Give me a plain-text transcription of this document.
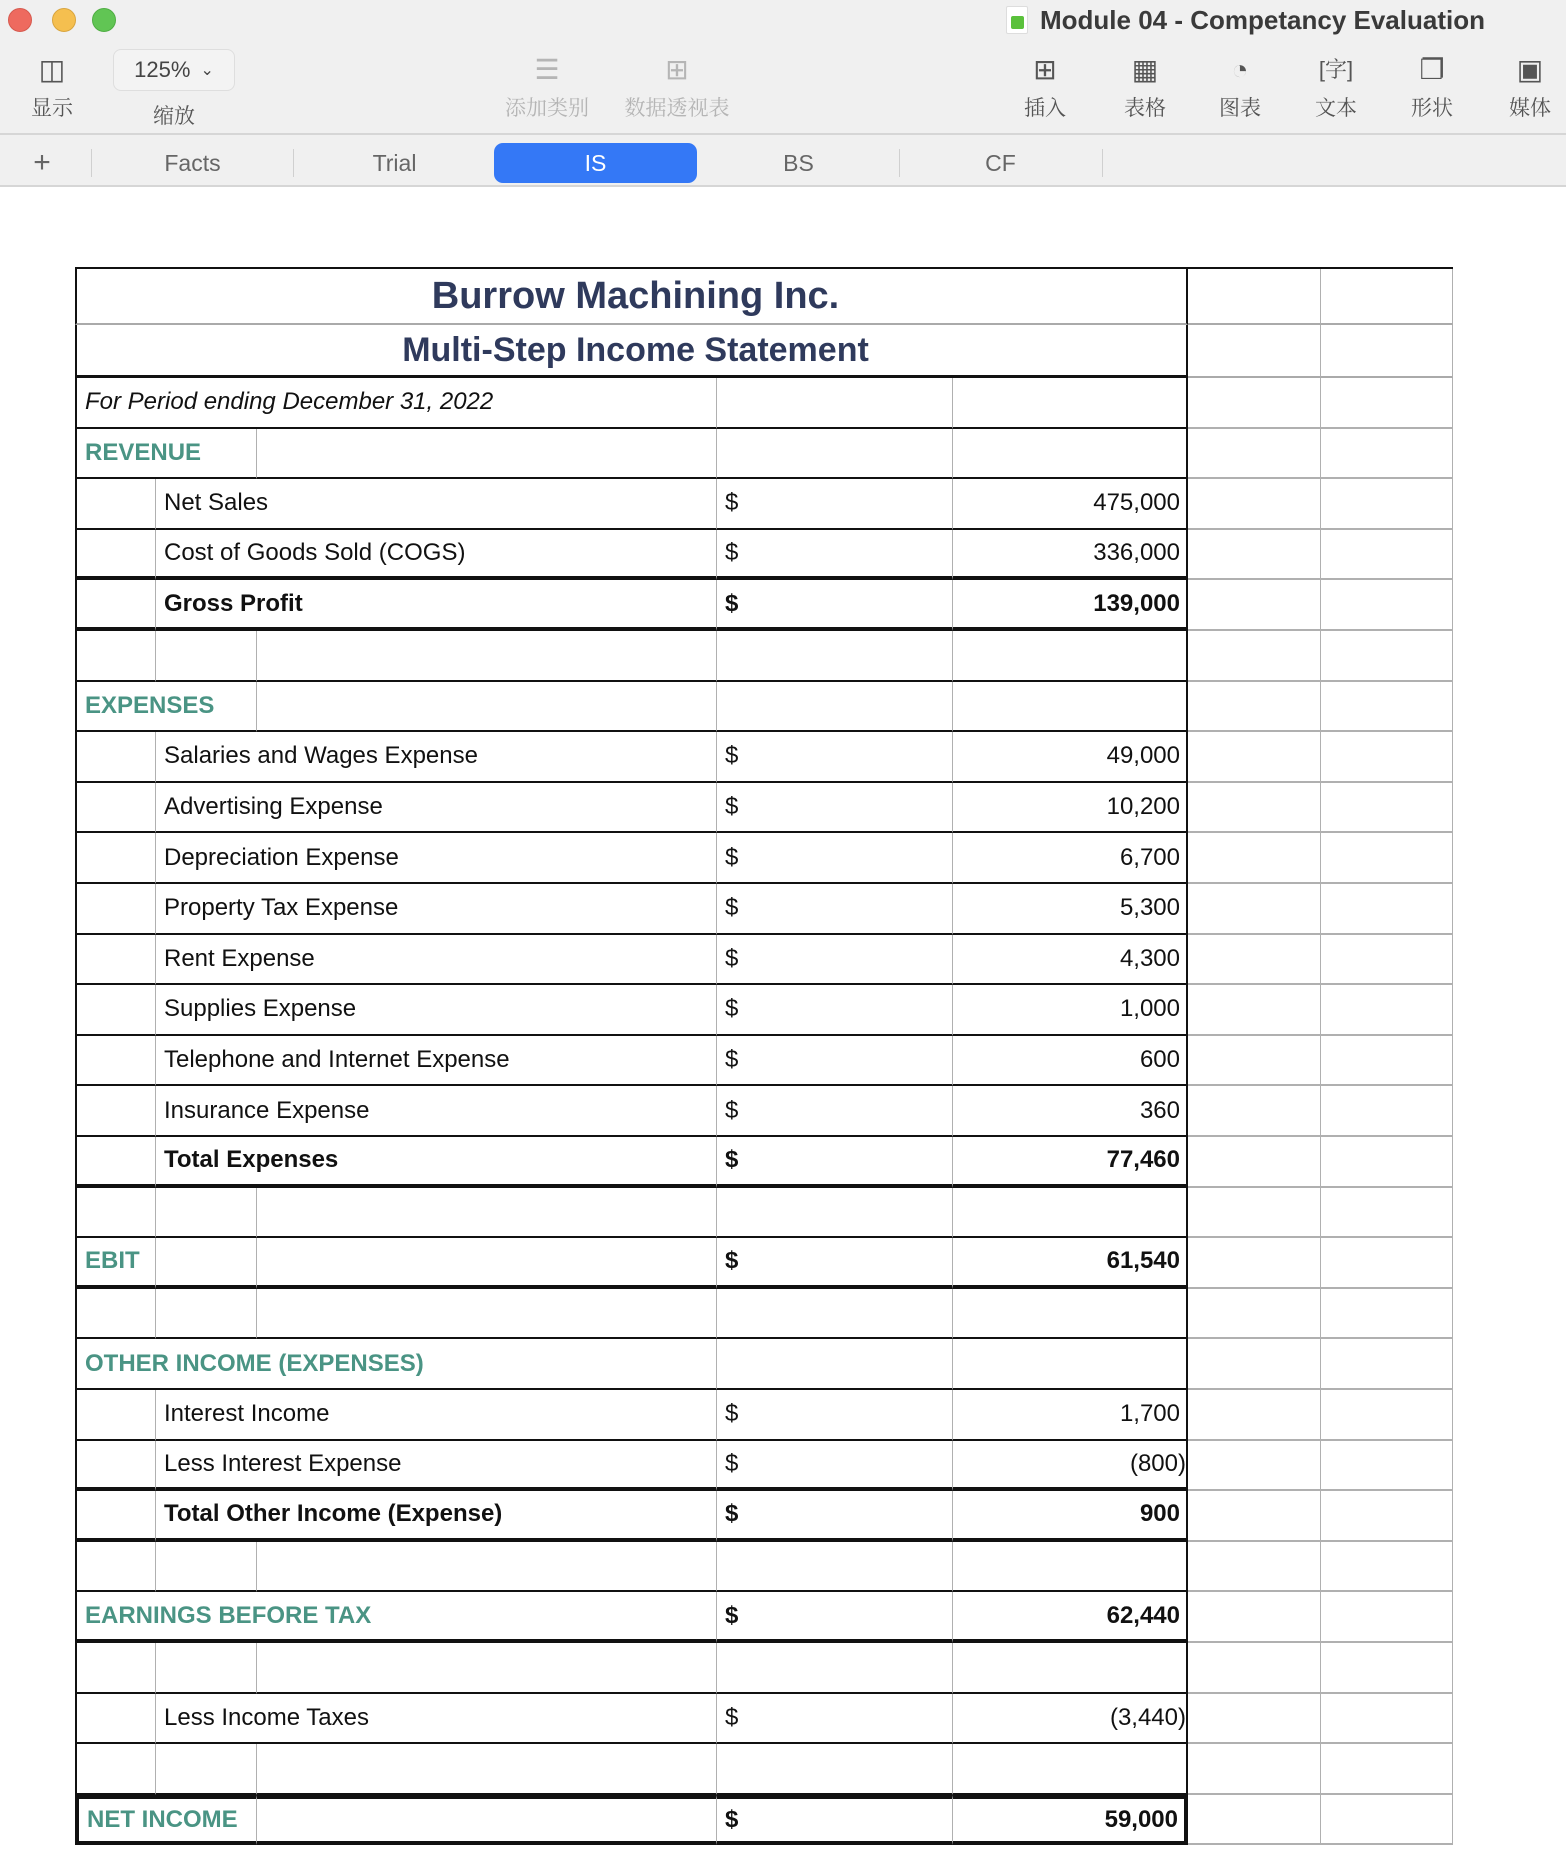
Module 04 - Competancy Evaluation
◫
显示
125% ⌄
缩放
☰
添加类别
⊞
数据透视表
⊞
插入
▦
表格
◔
图表
[字]
文本
❐
形状
▣
媒体
+	Facts	Trial	IS	BS	CF
Burrow Machining Inc.
Multi-Step Income Statement
For Period ending December 31, 2022
REVENUE
Net Sales	$	475,000
Cost of Goods Sold (COGS)	$	336,000
Gross Profit	$	139,000
EXPENSES
Salaries and Wages Expense	$	49,000
Advertising Expense	$	10,200
Depreciation Expense	$	6,700
Property Tax Expense	$	5,300
Rent Expense	$	4,300
Supplies Expense	$	1,000
Telephone and Internet Expense	$	600
Insurance Expense	$	360
Total Expenses	$	77,460
EBIT	$	61,540
OTHER INCOME (EXPENSES)
Interest Income	$	1,700
Less Interest Expense	$	(800)
Total Other Income (Expense)	$	900
EARNINGS BEFORE TAX	$	62,440
Less Income Taxes	$	(3,440)
NET INCOME	$	59,000
